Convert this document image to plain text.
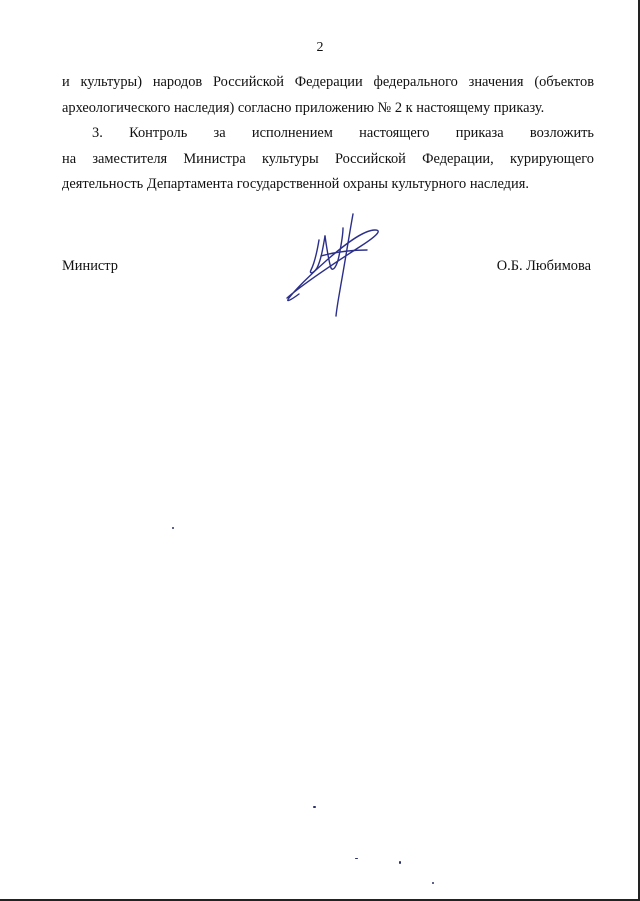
2
и культуры) народов Российской Федерации федерального значения (объектов
археологического наследия) согласно приложению № 2 к настоящему приказу.
3. Контроль за исполнением настоящего приказа возложить
на заместителя Министра культуры Российской Федерации, курирующего
деятельность Департамента государственной охраны культурного наследия.
Министр	О.Б. Любимова
